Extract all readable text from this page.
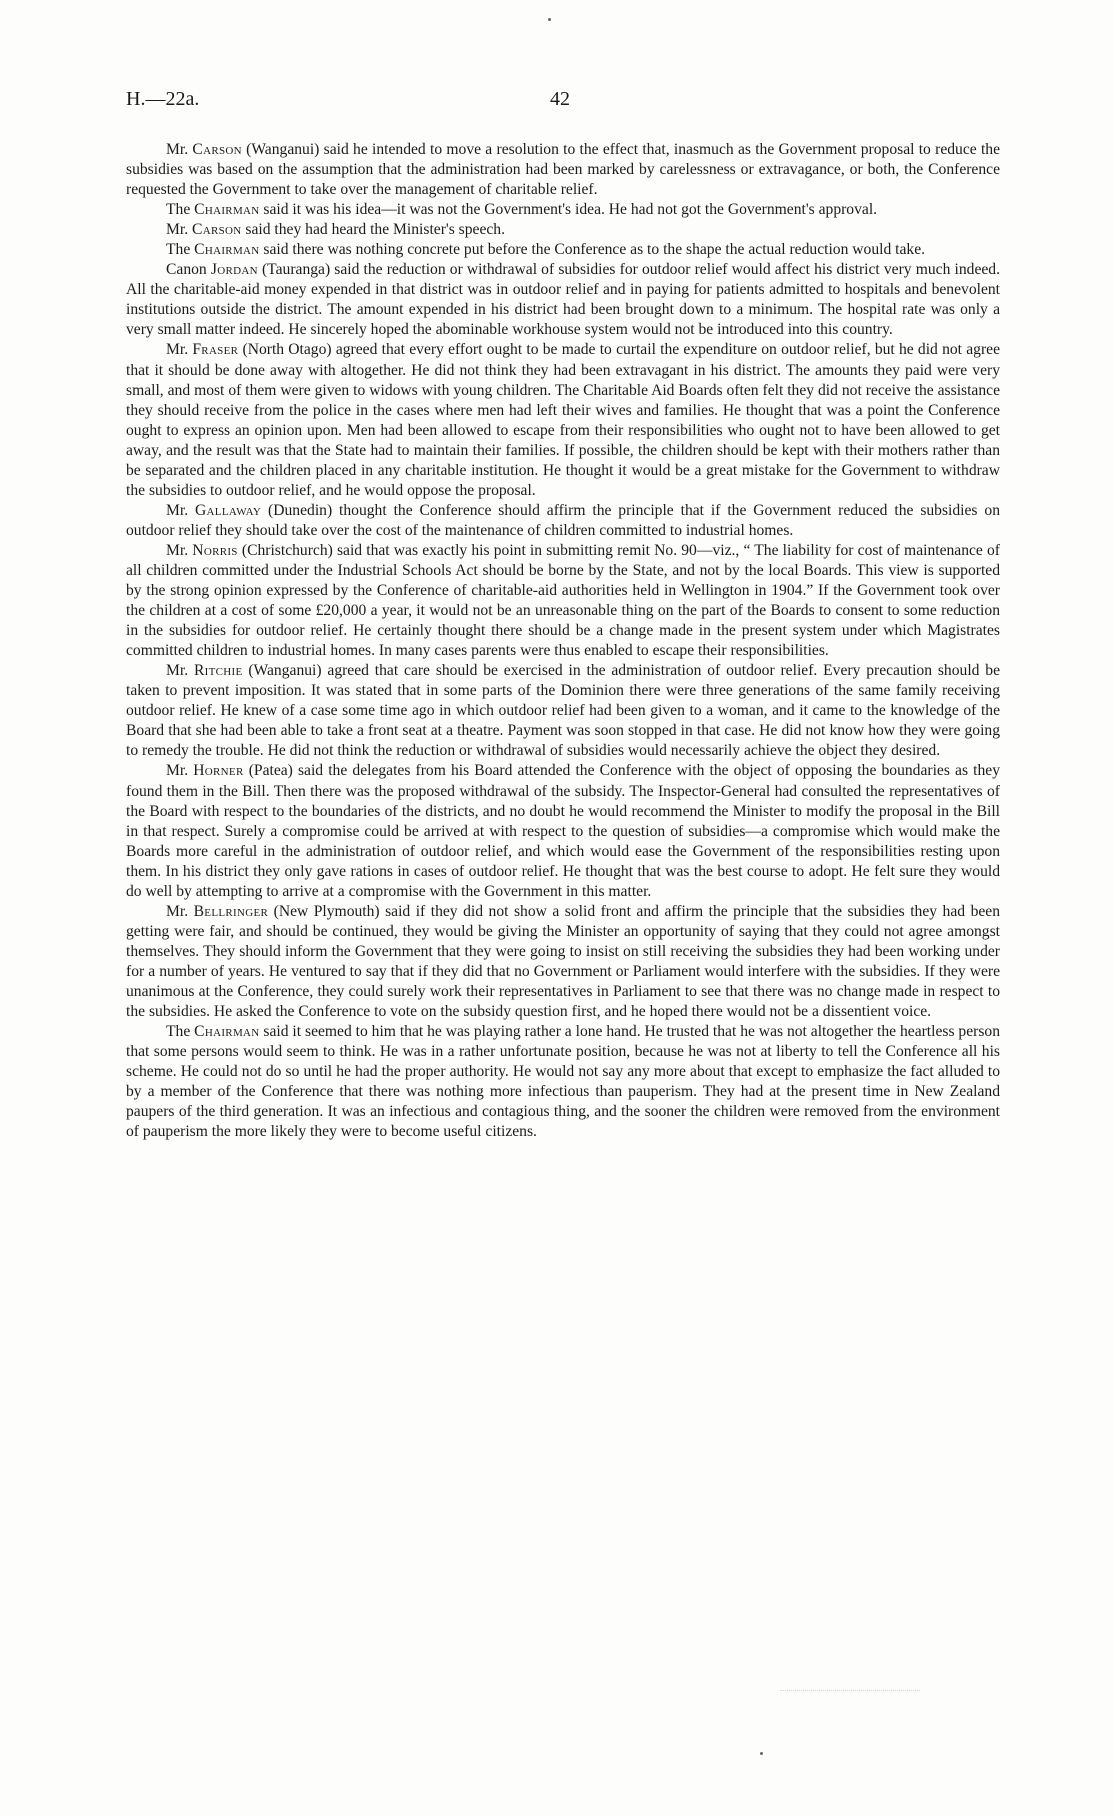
H.—22a.	42

Mr. Carson (Wanganui) said he intended to move a resolution to the effect that, inasmuch as the Government proposal to reduce the subsidies was based on the assumption that the administration had been marked by carelessness or extravagance, or both, the Conference requested the Government to take over the management of charitable relief.

The Chairman said it was his idea—it was not the Government's idea. He had not got the Government's approval.

Mr. Carson said they had heard the Minister's speech.

The Chairman said there was nothing concrete put before the Conference as to the shape the actual reduction would take.

Canon Jordan (Tauranga) said the reduction or withdrawal of subsidies for outdoor relief would affect his district very much indeed. All the charitable-aid money expended in that district was in outdoor relief and in paying for patients admitted to hospitals and benevolent institutions outside the district. The amount expended in his district had been brought down to a minimum. The hospital rate was only a very small matter indeed. He sincerely hoped the abominable workhouse system would not be introduced into this country.

Mr. Fraser (North Otago) agreed that every effort ought to be made to curtail the expenditure on outdoor relief, but he did not agree that it should be done away with altogether. He did not think they had been extravagant in his district. The amounts they paid were very small, and most of them were given to widows with young children. The Charitable Aid Boards often felt they did not receive the assistance they should receive from the police in the cases where men had left their wives and families. He thought that was a point the Conference ought to express an opinion upon. Men had been allowed to escape from their responsibilities who ought not to have been allowed to get away, and the result was that the State had to maintain their families. If possible, the children should be kept with their mothers rather than be separated and the children placed in any charitable institution. He thought it would be a great mistake for the Government to withdraw the subsidies to outdoor relief, and he would oppose the proposal.

Mr. Gallaway (Dunedin) thought the Conference should affirm the principle that if the Government reduced the subsidies on outdoor relief they should take over the cost of the maintenance of children committed to industrial homes.

Mr. Norris (Christchurch) said that was exactly his point in submitting remit No. 90—viz., “ The liability for cost of maintenance of all children committed under the Industrial Schools Act should be borne by the State, and not by the local Boards. This view is supported by the strong opinion expressed by the Conference of charitable-aid authorities held in Wellington in 1904.” If the Government took over the children at a cost of some £20,000 a year, it would not be an unreasonable thing on the part of the Boards to consent to some reduction in the subsidies for outdoor relief. He certainly thought there should be a change made in the present system under which Magistrates committed children to industrial homes. In many cases parents were thus enabled to escape their responsibilities.

Mr. Ritchie (Wanganui) agreed that care should be exercised in the administration of outdoor relief. Every precaution should be taken to prevent imposition. It was stated that in some parts of the Dominion there were three generations of the same family receiving outdoor relief. He knew of a case some time ago in which outdoor relief had been given to a woman, and it came to the knowledge of the Board that she had been able to take a front seat at a theatre. Payment was soon stopped in that case. He did not know how they were going to remedy the trouble. He did not think the reduction or withdrawal of subsidies would necessarily achieve the object they desired.

Mr. Horner (Patea) said the delegates from his Board attended the Conference with the object of opposing the boundaries as they found them in the Bill. Then there was the proposed withdrawal of the subsidy. The Inspector-General had consulted the representatives of the Board with respect to the boundaries of the districts, and no doubt he would recommend the Minister to modify the proposal in the Bill in that respect. Surely a compromise could be arrived at with respect to the question of subsidies—a compromise which would make the Boards more careful in the administration of outdoor relief, and which would ease the Government of the responsibilities resting upon them. In his district they only gave rations in cases of outdoor relief. He thought that was the best course to adopt. He felt sure they would do well by attempting to arrive at a compromise with the Government in this matter.

Mr. Bellringer (New Plymouth) said if they did not show a solid front and affirm the principle that the subsidies they had been getting were fair, and should be continued, they would be giving the Minister an opportunity of saying that they could not agree amongst themselves. They should inform the Government that they were going to insist on still receiving the subsidies they had been working under for a number of years. He ventured to say that if they did that no Government or Parliament would interfere with the subsidies. If they were unanimous at the Conference, they could surely work their representatives in Parliament to see that there was no change made in respect to the subsidies. He asked the Conference to vote on the subsidy question first, and he hoped there would not be a dissentient voice.

The Chairman said it seemed to him that he was playing rather a lone hand. He trusted that he was not altogether the heartless person that some persons would seem to think. He was in a rather unfortunate position, because he was not at liberty to tell the Conference all his scheme. He could not do so until he had the proper authority. He would not say any more about that except to emphasize the fact alluded to by a member of the Conference that there was nothing more infectious than pauperism. They had at the present time in New Zealand paupers of the third generation. It was an infectious and contagious thing, and the sooner the children were removed from the environment of pauperism the more likely they were to become useful citizens.
